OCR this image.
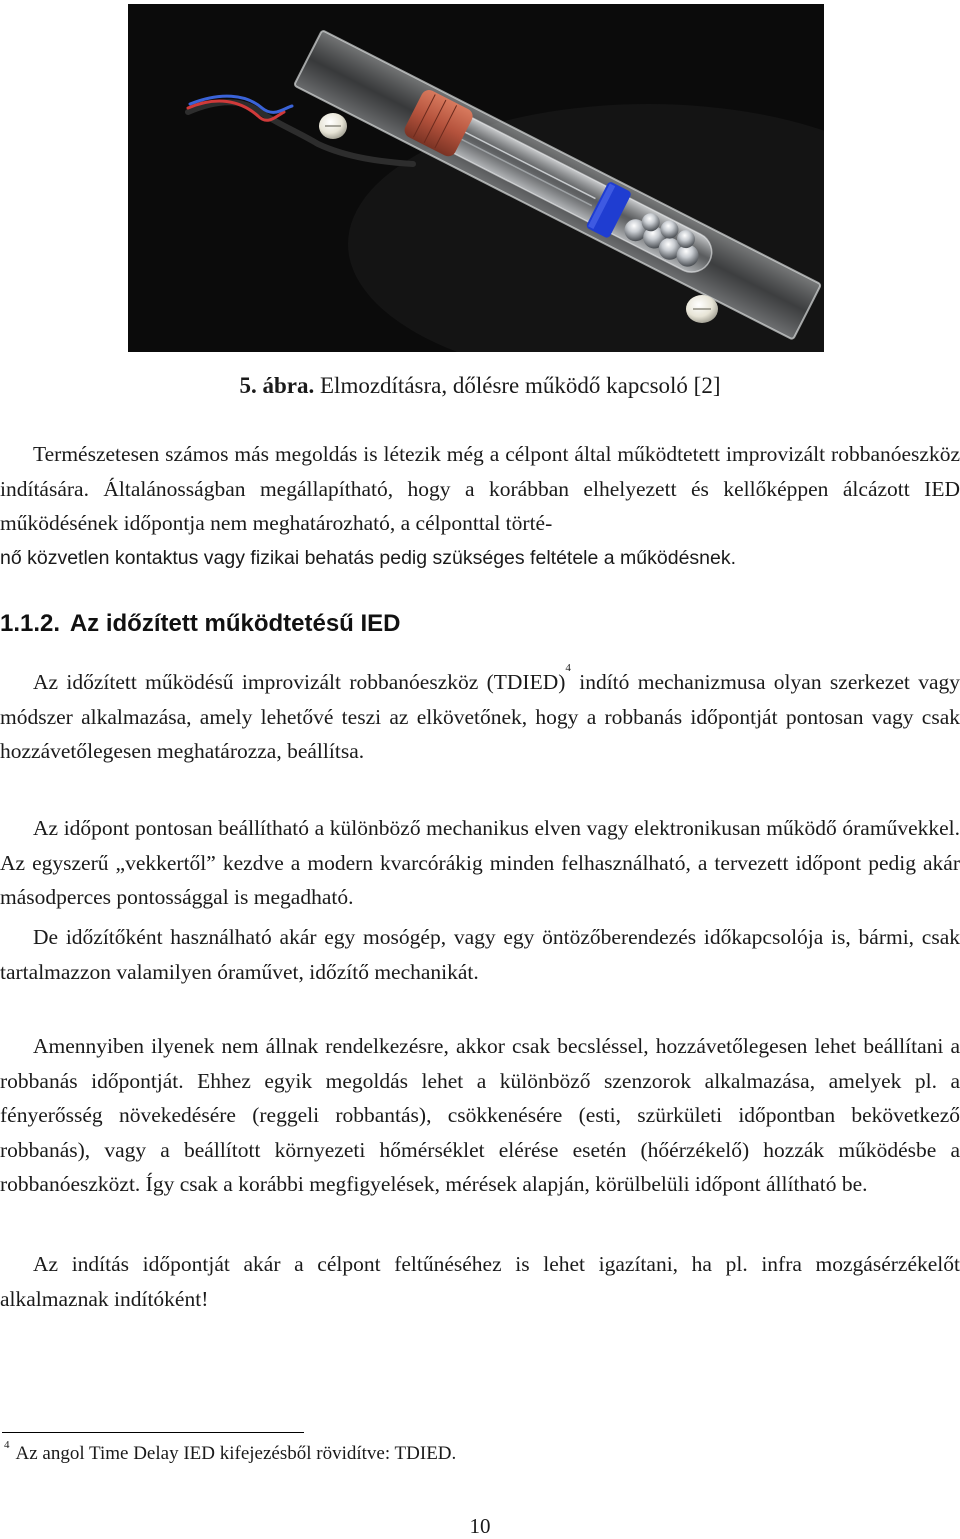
5. ábra. Elmozdításra, dőlésre működő kapcsoló [2]

Természetesen számos más megoldás is létezik még a célpont által működtetett improvizált robbanóeszköz indítására. Általánosságban megállapítható, hogy a korábban elhelyezett és kellőképpen álcázott IED működésének időpontja nem meghatározható, a célponttal törté-

nő közvetlen kontaktus vagy fizikai behatás pedig szükséges feltétele a működésnek.

1.1.2. Az időzített működtetésű IED

Az időzített működésű improvizált robbanóeszköz (TDIED)$^4$ indító mechanizmusa olyan szerkezet vagy módszer alkalmazása, amely lehetővé teszi az elkövetőnek, hogy a robbanás időpontját pontosan vagy csak hozzávetőlegesen meghatározza, beállítsa.

Az időpont pontosan beállítható a különböző mechanikus elven vagy elektronikusan működő óraművekkel. Az egyszerű „vekkertől” kezdve a modern kvarcórákig minden felhasználható, a tervezett időpont pedig akár másodperces pontossággal is megadható.

De időzítőként használható akár egy mosógép, vagy egy öntözőberendezés időkapcsolója is, bármi, csak tartalmazzon valamilyen óraművet, időzítő mechanikát.

Amennyiben ilyenek nem állnak rendelkezésre, akkor csak becsléssel, hozzávetőlegesen lehet beállítani a robbanás időpontját. Ehhez egyik megoldás lehet a különböző szenzorok alkalmazása, amelyek pl. a fényerősség növekedésére (reggeli robbantás), csökkenésére (esti, szürkületi időpontban bekövetkező robbanás), vagy a beállított környezeti hőmérséklet elérése esetén (hőérzékelő) hozzák működésbe a robbanóeszközt. Így csak a korábbi megfigyelések, mérések alapján, körülbelüli időpont állítható be.

Az indítás időpontját akár a célpont feltűnéséhez is lehet igazítani, ha pl. infra mozgásérzékelőt alkalmaznak indítóként!

$^4$ Az angol Time Delay IED kifejezésből rövidítve: TDIED.
10
